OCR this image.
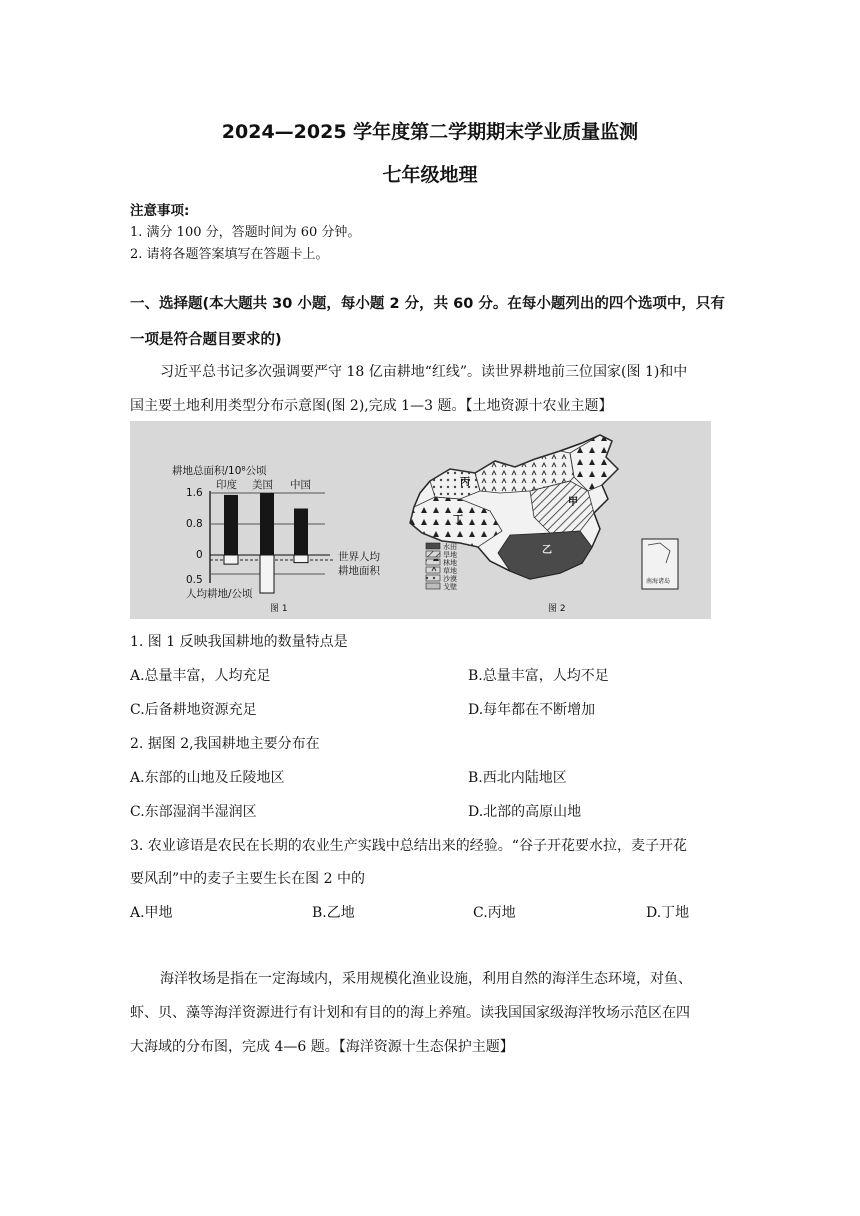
2024—2025 学年度第二学期期末学业质量监测
七年级地理
注意事项:
1. 满分 100 分，答题时间为 60 分钟。
2. 请将各题答案填写在答题卡上。
一、选择题(本大题共 30 小题，每小题 2 分，共 60 分。在每小题列出的四个选项中，只有
一项是符合题目要求的)
习近平总书记多次强调要严守 18 亿亩耕地“红线”。读世界耕地前三位国家(图 1)和中
国主要土地利用类型分布示意图(图 2),完成 1—3 题。【土地资源十农业主题】
耕地总面积/10⁸公顷
印度 美国 中国
1.6
0.8
0
0.5
世界人均
耕地面积
人均耕地/公顷
图 1
丙
丁
甲
乙
水田
旱地
林地
草地
沙漠
戈壁
南海诸岛
图 2
1. 图 1 反映我国耕地的数量特点是
A.总量丰富，人均充足	B.总量丰富，人均不足
C.后备耕地资源充足	D.每年都在不断增加
2. 据图 2,我国耕地主要分布在
A.东部的山地及丘陵地区	B.西北内陆地区
C.东部湿润半湿润区	D.北部的高原山地
3. 农业谚语是农民在长期的农业生产实践中总结出来的经验。“谷子开花要水拉，麦子开花
要风刮”中的麦子主要生长在图 2 中的
A.甲地	B.乙地	C.丙地	D.丁地
海洋牧场是指在一定海域内，采用规模化渔业设施，利用自然的海洋生态环境，对鱼、
虾、贝、藻等海洋资源进行有计划和有目的的海上养殖。读我国国家级海洋牧场示范区在四
大海域的分布图，完成 4—6 题。【海洋资源十生态保护主题】
